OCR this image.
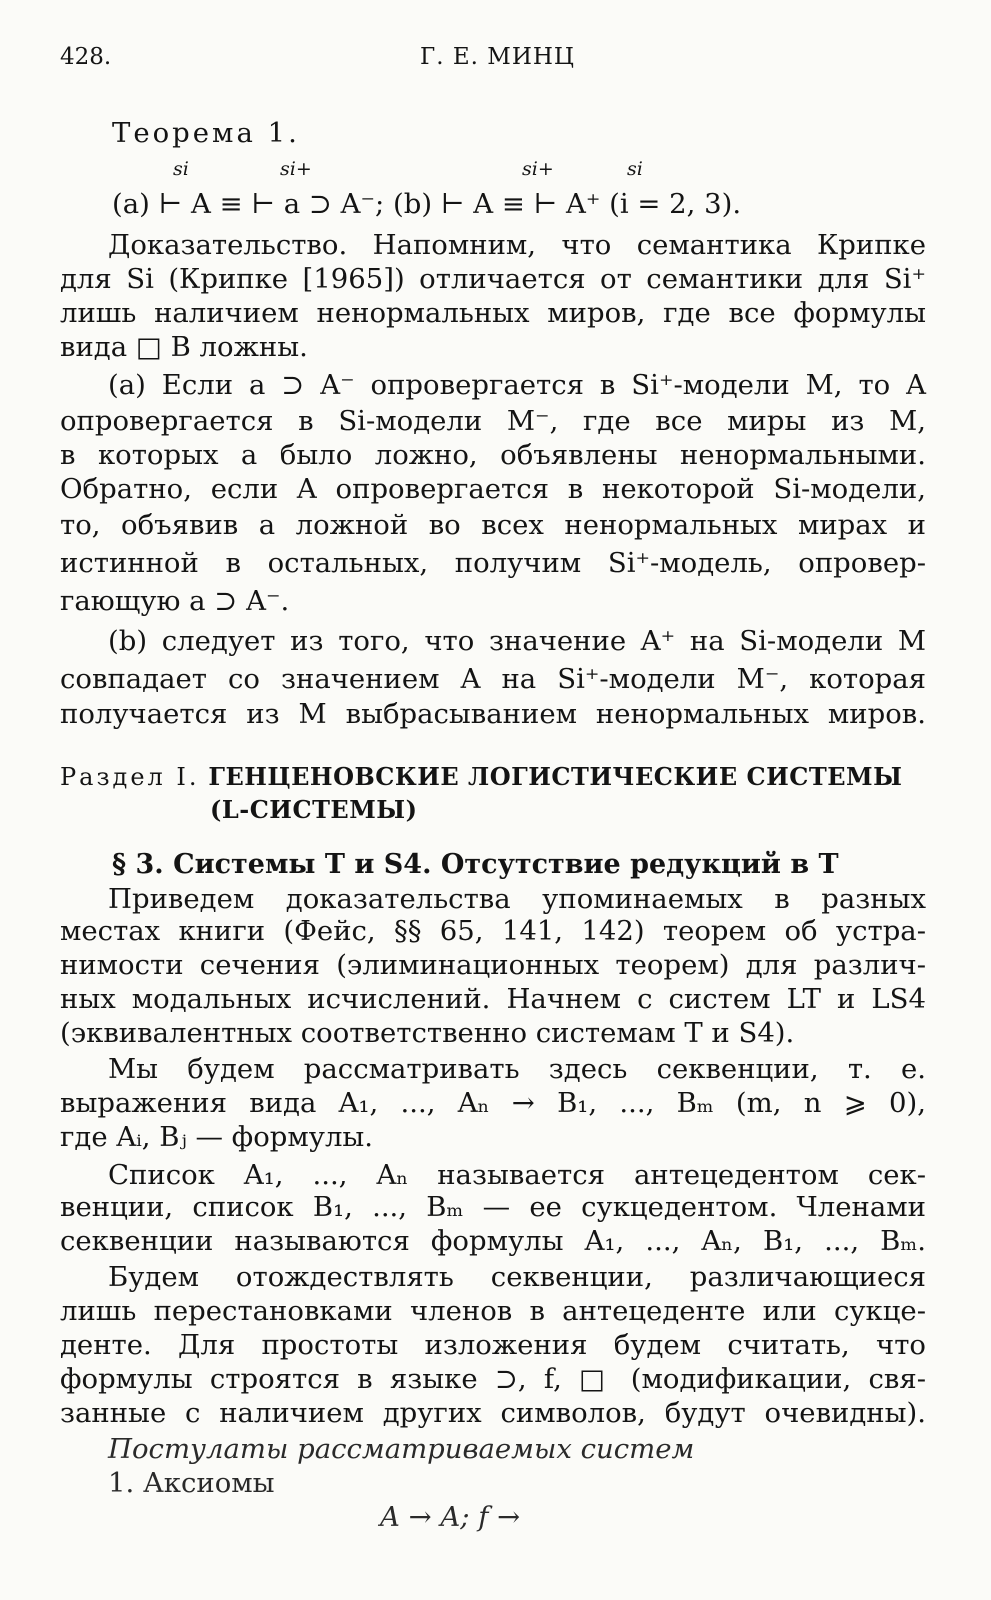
428.	Г. Е. МИНЦ
Теорема 1.
si	si+	si+	si
(a) ⊢ A ≡ ⊢ a ⊃ A⁻; (b) ⊢ A ≡ ⊢ A⁺ (i = 2, 3).
Доказательство. Напомним, что семантика Крипке
для Si (Крипке [1965]) отличается от семантики для Si⁺
лишь наличием ненормальных миров, где все формулы
вида □ B ложны.
(a) Если a ⊃ A⁻ опровергается в Si⁺-модели M, то A
опровергается в Si-модели M⁻, где все миры из M,
в которых a было ложно, объявлены ненормальными.
Обратно, если A опровергается в некоторой Si-модели,
то, объявив a ложной во всех ненормальных мирах и
истинной в остальных, получим Si⁺-модель, опровер-
гающую a ⊃ A⁻.
(b) следует из того, что значение A⁺ на Si-модели M
совпадает со значением A на Si⁺-модели M⁻, которая
получается из M выбрасыванием ненормальных миров.
Раздел I. ГЕНЦЕНОВСКИЕ ЛОГИСТИЧЕСКИЕ СИСТЕМЫ
(L-СИСТЕМЫ)
§ 3. Системы T и S4. Отсутствие редукций в T
Приведем доказательства упоминаемых в разных
местах книги (Фейс, §§ 65, 141, 142) теорем об устра-
нимости сечения (элиминационных теорем) для различ-
ных модальных исчислений. Начнем с систем LT и LS4
(эквивалентных соответственно системам T и S4).
Мы будем рассматривать здесь секвенции, т. е.
выражения вида A₁, ..., Aₙ → B₁, ..., Bₘ (m, n ⩾ 0),
где Aᵢ, Bⱼ — формулы.
Список A₁, ..., Aₙ называется антецедентом сек-
венции, список B₁, ..., Bₘ — ее сукцедентом. Членами
секвенции называются формулы A₁, ..., Aₙ, B₁, ..., Bₘ.
Будем отождествлять секвенции, различающиеся
лишь перестановками членов в антецеденте или сукце-
денте. Для простоты изложения будем считать, что
формулы строятся в языке ⊃, f, □ (модификации, свя-
занные с наличием других символов, будут очевидны).
Постулаты рассматриваемых систем
1. Аксиомы
A → A; f →
